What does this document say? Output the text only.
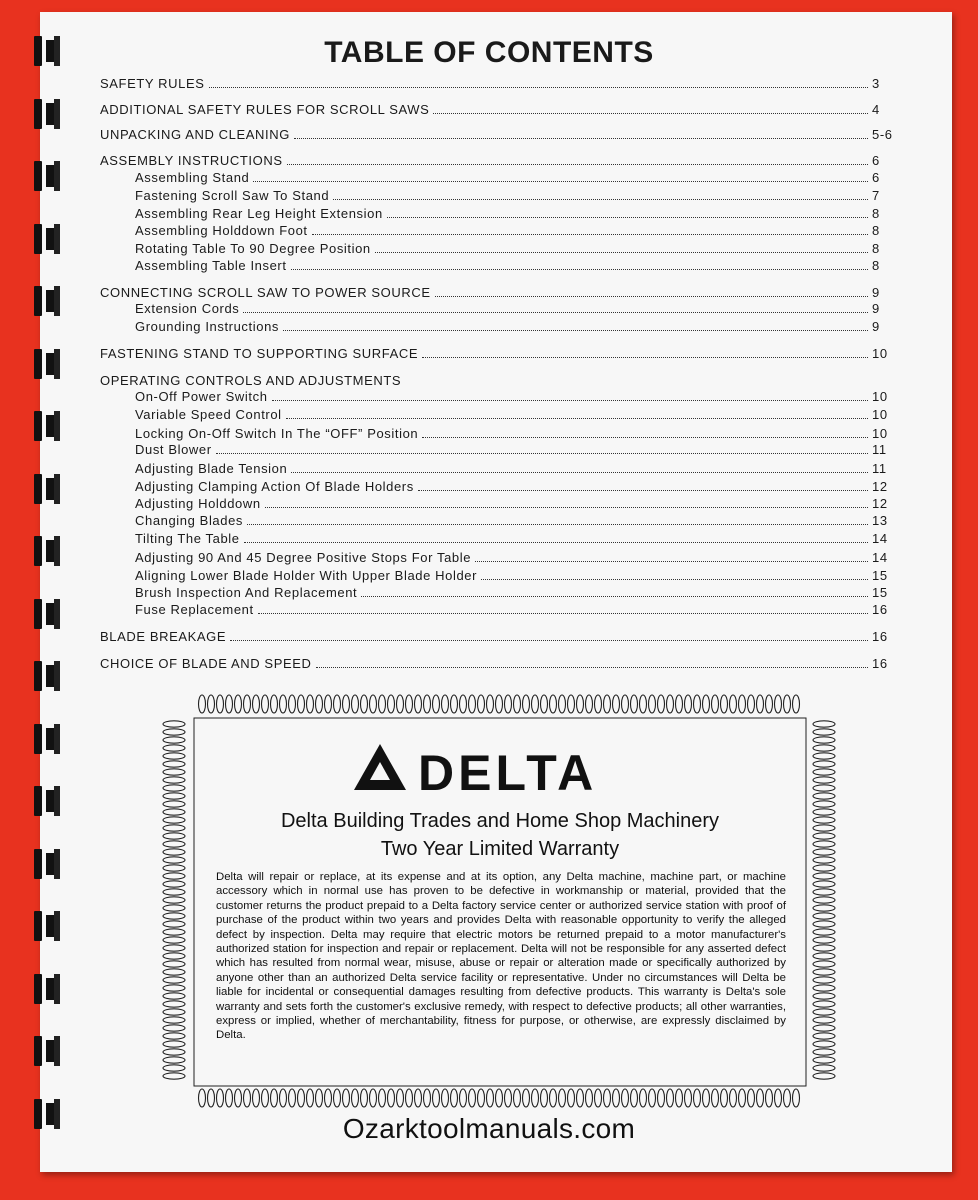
TABLE OF CONTENTS
SAFETY RULES	3
ADDITIONAL SAFETY RULES FOR SCROLL SAWS	4
UNPACKING AND CLEANING	5-6
ASSEMBLY INSTRUCTIONS	6
Assembling Stand	6
Fastening Scroll Saw To Stand	7
Assembling Rear Leg Height Extension	8
Assembling Holddown Foot	8
Rotating Table To 90 Degree Position	8
Assembling Table Insert	8
CONNECTING SCROLL SAW TO POWER SOURCE	9
Extension Cords	9
Grounding Instructions	9
FASTENING STAND TO SUPPORTING SURFACE	10
OPERATING CONTROLS AND ADJUSTMENTS
On-Off Power Switch	10
Variable Speed Control	10
Locking On-Off Switch In The “OFF” Position	10
Dust Blower	11
Adjusting Blade Tension	11
Adjusting Clamping Action Of Blade Holders	12
Adjusting Holddown	12
Changing Blades	13
Tilting The Table	14
Adjusting 90 And 45 Degree Positive Stops For Table	14
Aligning Lower Blade Holder With Upper Blade Holder	15
Brush Inspection And Replacement	15
Fuse Replacement	16
BLADE BREAKAGE	16
CHOICE OF BLADE AND SPEED	16
DELTA
Delta Building Trades and Home Shop Machinery
Two Year Limited Warranty
Delta will repair or replace, at its expense and at its option, any Delta machine, machine part, or machine accessory which in normal use has proven to be defective in workmanship or material, provided that the customer returns the product prepaid to a Delta factory service center or authorized service station with proof of purchase of the product within two years and provides Delta with reasonable opportunity to verify the alleged defect by inspection. Delta may require that electric motors be returned prepaid to a motor manufacturer's authorized station for inspection and repair or replacement. Delta will not be responsible for any asserted defect which has resulted from normal wear, misuse, abuse or repair or alteration made or specifically authorized by anyone other than an authorized Delta service facility or representative. Under no circumstances will Delta be liable for incidental or consequential damages resulting from defective products. This warranty is Delta's sole warranty and sets forth the customer's exclusive remedy, with respect to defective products; all other warranties, express or implied, whether of merchantability, fitness for purpose, or otherwise, are expressly disclaimed by Delta.
Ozarktoolmanuals.com
